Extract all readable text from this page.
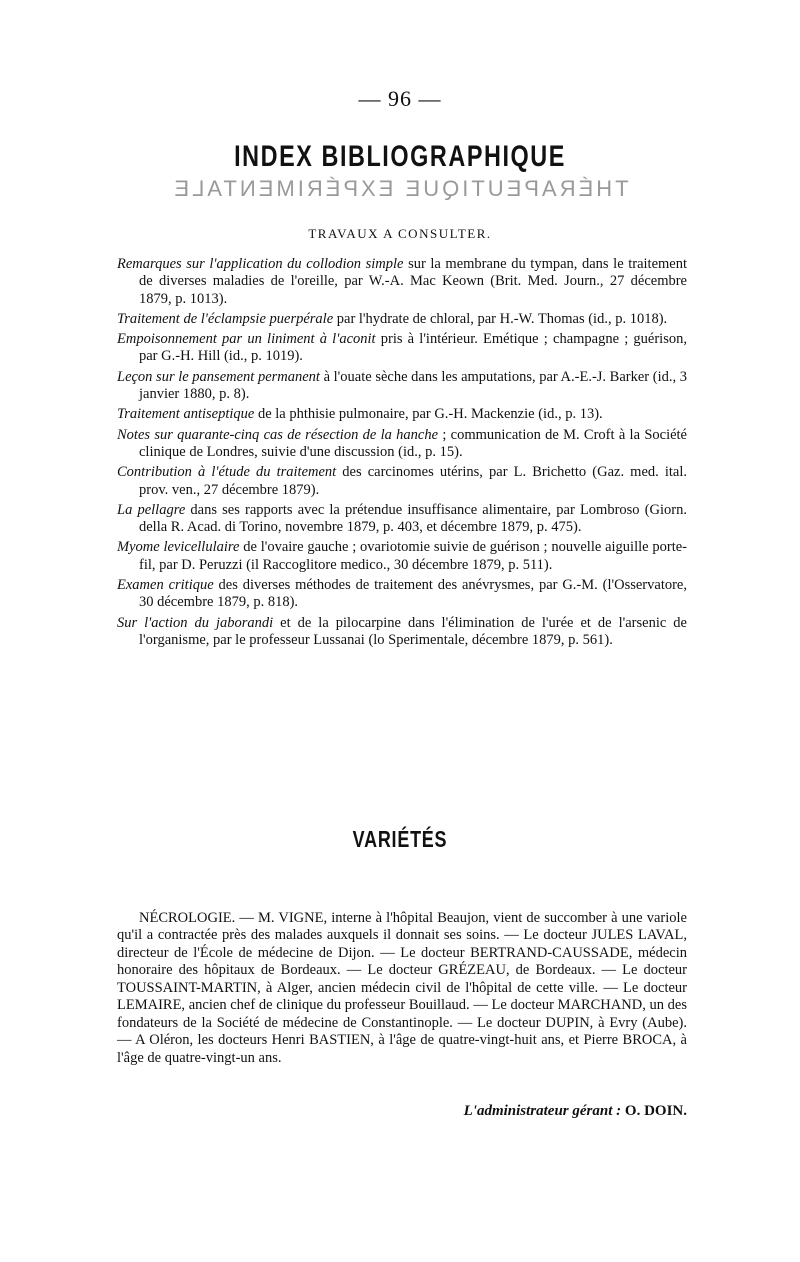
— 96 —
INDEX BIBLIOGRAPHIQUE
THÉRAPEUTIQUE EXPÉRIMENTALE
TRAVAUX A CONSULTER.

Remarques sur l'application du collodion simple sur la membrane du tympan, dans le traitement de diverses maladies de l'oreille, par W.-A. Mac Keown (Brit. Med. Journ., 27 décembre 1879, p. 1013).

Traitement de l'éclampsie puerpérale par l'hydrate de chloral, par H.-W. Thomas (id., p. 1018).

Empoisonnement par un liniment à l'aconit pris à l'intérieur. Emétique ; champagne ; guérison, par G.-H. Hill (id., p. 1019).

Leçon sur le pansement permanent à l'ouate sèche dans les amputations, par A.-E.-J. Barker (id., 3 janvier 1880, p. 8).

Traitement antiseptique de la phthisie pulmonaire, par G.-H. Mackenzie (id., p. 13).

Notes sur quarante-cinq cas de résection de la hanche ; communication de M. Croft à la Société clinique de Londres, suivie d'une discussion (id., p. 15).

Contribution à l'étude du traitement des carcinomes utérins, par L. Brichetto (Gaz. med. ital. prov. ven., 27 décembre 1879).

La pellagre dans ses rapports avec la prétendue insuffisance alimentaire, par Lombroso (Giorn. della R. Acad. di Torino, novembre 1879, p. 403, et décembre 1879, p. 475).

Myome levicellulaire de l'ovaire gauche ; ovariotomie suivie de guérison ; nouvelle aiguille porte-fil, par D. Peruzzi (il Raccoglitore medico., 30 décembre 1879, p. 511).

Examen critique des diverses méthodes de traitement des anévrysmes, par G.-M. (l'Osservatore, 30 décembre 1879, p. 818).

Sur l'action du jaborandi et de la pilocarpine dans l'élimination de l'urée et de l'arsenic de l'organisme, par le professeur Lussanai (lo Sperimentale, décembre 1879, p. 561).

VARIÉTÉS

NÉCROLOGIE. — M. VIGNE, interne à l'hôpital Beaujon, vient de succomber à une variole qu'il a contractée près des malades auxquels il donnait ses soins. — Le docteur JULES LAVAL, directeur de l'École de médecine de Dijon. — Le docteur BERTRAND-CAUSSADE, médecin honoraire des hôpitaux de Bordeaux. — Le docteur GRÉZEAU, de Bordeaux. — Le docteur TOUSSAINT-MARTIN, à Alger, ancien médecin civil de l'hôpital de cette ville. — Le docteur LEMAIRE, ancien chef de clinique du professeur Bouillaud. — Le docteur MARCHAND, un des fondateurs de la Société de médecine de Constantinople. — Le docteur DUPIN, à Evry (Aube). — A Oléron, les docteurs Henri BASTIEN, à l'âge de quatre-vingt-huit ans, et Pierre BROCA, à l'âge de quatre-vingt-un ans.

L'administrateur gérant : O. DOIN.
